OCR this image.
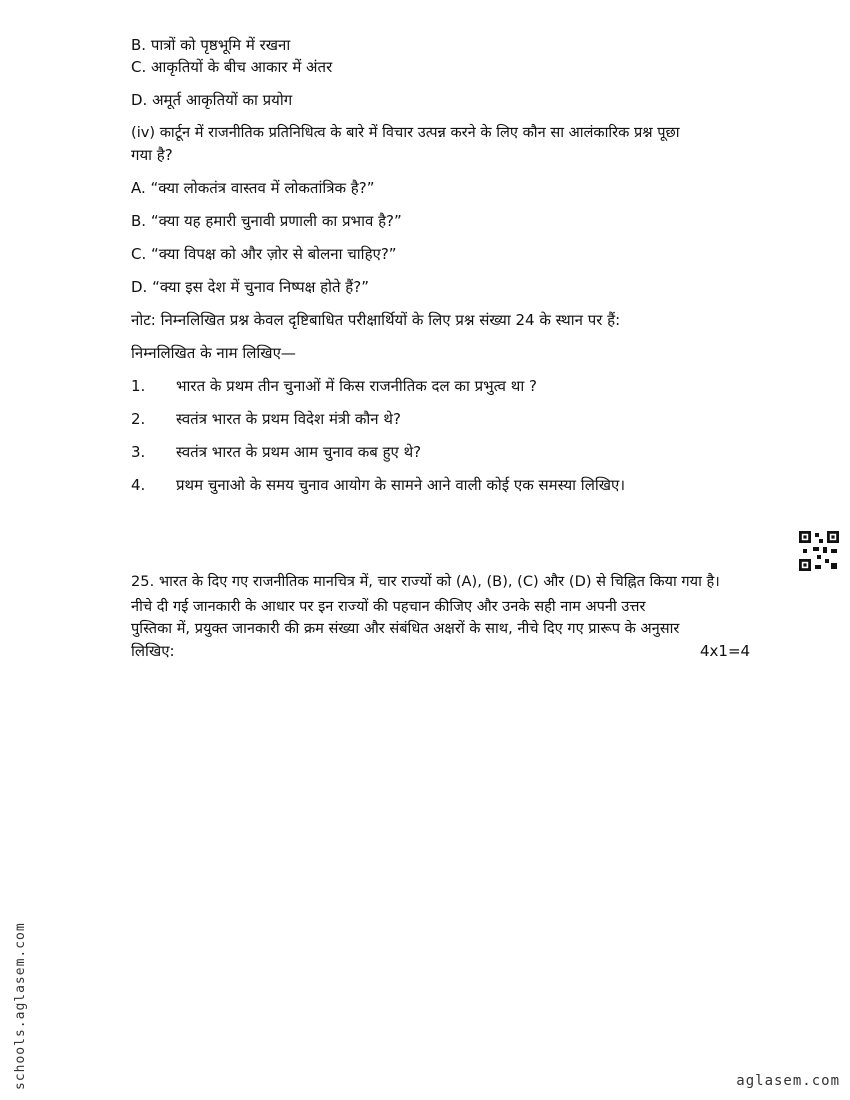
B. पात्रों को पृष्ठभूमि में रखना
C. आकृतियों के बीच आकार में अंतर
D. अमूर्त आकृतियों का प्रयोग
(iv) कार्टून में राजनीतिक प्रतिनिधित्व के बारे में विचार उत्पन्न करने के लिए कौन सा आलंकारिक प्रश्न पूछा
गया है?
A. “क्या लोकतंत्र वास्तव में लोकतांत्रिक है?”
B. “क्या यह हमारी चुनावी प्रणाली का प्रभाव है?”
C. “क्या विपक्ष को और ज़ोर से बोलना चाहिए?”
D. “क्या इस देश में चुनाव निष्पक्ष होते हैं?”
नोट: निम्नलिखित प्रश्न केवल दृष्टिबाधित परीक्षार्थियों के लिए प्रश्न संख्या 24 के स्थान पर हैं:
निम्नलिखित के नाम लिखिए—
1. भारत के प्रथम तीन चुनाओं में किस राजनीतिक दल का प्रभुत्व था ?
2. स्वतंत्र भारत के प्रथम विदेश मंत्री कौन थे?
3. स्वतंत्र भारत के प्रथम आम चुनाव कब हुए थे?
4. प्रथम चुनाओ के समय चुनाव आयोग के सामने आने वाली कोई एक समस्या लिखिए।
25. भारत के दिए गए राजनीतिक मानचित्र में, चार राज्यों को (A), (B), (C) और (D) से चिह्नित किया गया है।
नीचे दी गई जानकारी के आधार पर इन राज्यों की पहचान कीजिए और उनके सही नाम अपनी उत्तर
पुस्तिका में, प्रयुक्त जानकारी की क्रम संख्या और संबंधित अक्षरों के साथ, नीचे दिए गए प्रारूप के अनुसार
लिखिए:	4x1=4
schools.aglasem.com	aglasem.com
